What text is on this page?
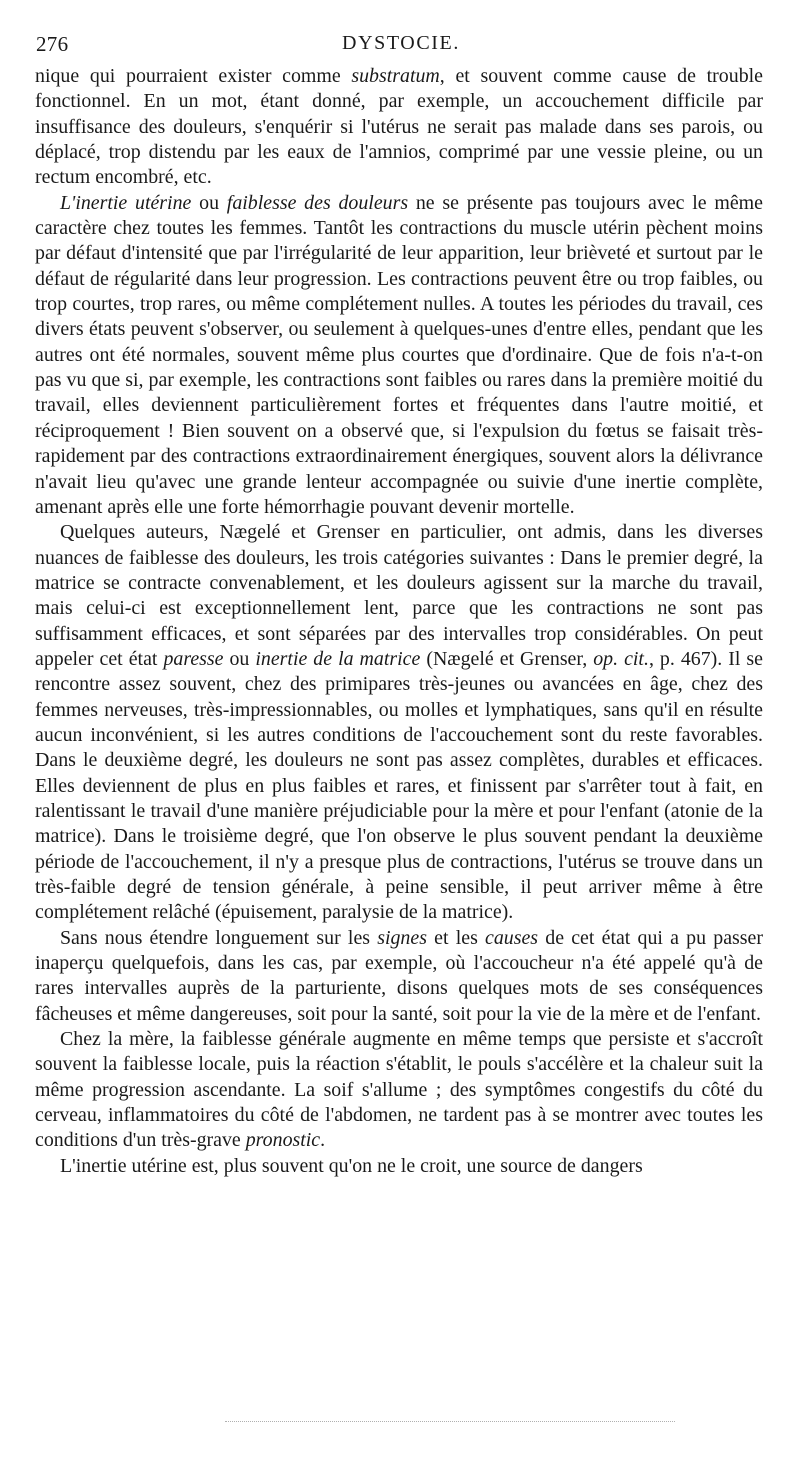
276	DYSTOCIE.

nique qui pourraient exister comme substratum, et souvent comme cause de trouble fonctionnel. En un mot, étant donné, par exemple, un accouchement difficile par insuffisance des douleurs, s'enquérir si l'utérus ne serait pas malade dans ses parois, ou déplacé, trop distendu par les eaux de l'amnios, comprimé par une vessie pleine, ou un rectum encombré, etc.

L'inertie utérine ou faiblesse des douleurs ne se présente pas toujours avec le même caractère chez toutes les femmes. Tantôt les contractions du muscle utérin pèchent moins par défaut d'intensité que par l'irrégularité de leur apparition, leur brièveté et surtout par le défaut de régularité dans leur progression. Les contractions peuvent être ou trop faibles, ou trop courtes, trop rares, ou même complétement nulles. A toutes les périodes du travail, ces divers états peuvent s'observer, ou seulement à quelques-unes d'entre elles, pendant que les autres ont été normales, souvent même plus courtes que d'ordinaire. Que de fois n'a-t-on pas vu que si, par exemple, les contractions sont faibles ou rares dans la première moitié du travail, elles deviennent particulièrement fortes et fréquentes dans l'autre moitié, et réciproquement ! Bien souvent on a observé que, si l'expulsion du fœtus se faisait très-rapidement par des contractions extraordinairement énergiques, souvent alors la délivrance n'avait lieu qu'avec une grande lenteur accompagnée ou suivie d'une inertie complète, amenant après elle une forte hémorrhagie pouvant devenir mortelle.

Quelques auteurs, Nægelé et Grenser en particulier, ont admis, dans les diverses nuances de faiblesse des douleurs, les trois catégories suivantes : Dans le premier degré, la matrice se contracte convenablement, et les douleurs agissent sur la marche du travail, mais celui-ci est exceptionnellement lent, parce que les contractions ne sont pas suffisamment efficaces, et sont séparées par des intervalles trop considérables. On peut appeler cet état paresse ou inertie de la matrice (Nægelé et Grenser, op. cit., p. 467). Il se rencontre assez souvent, chez des primipares très-jeunes ou avancées en âge, chez des femmes nerveuses, très-impressionnables, ou molles et lymphatiques, sans qu'il en résulte aucun inconvénient, si les autres conditions de l'accouchement sont du reste favorables. Dans le deuxième degré, les douleurs ne sont pas assez complètes, durables et efficaces. Elles deviennent de plus en plus faibles et rares, et finissent par s'arrêter tout à fait, en ralentissant le travail d'une manière préjudiciable pour la mère et pour l'enfant (atonie de la matrice). Dans le troisième degré, que l'on observe le plus souvent pendant la deuxième période de l'accouchement, il n'y a presque plus de contractions, l'utérus se trouve dans un très-faible degré de tension générale, à peine sensible, il peut arriver même à être complétement relâché (épuisement, paralysie de la matrice).

Sans nous étendre longuement sur les signes et les causes de cet état qui a pu passer inaperçu quelquefois, dans les cas, par exemple, où l'accoucheur n'a été appelé qu'à de rares intervalles auprès de la parturiente, disons quelques mots de ses conséquences fâcheuses et même dangereuses, soit pour la santé, soit pour la vie de la mère et de l'enfant.

Chez la mère, la faiblesse générale augmente en même temps que persiste et s'accroît souvent la faiblesse locale, puis la réaction s'établit, le pouls s'accélère et la chaleur suit la même progression ascendante. La soif s'allume ; des symptômes congestifs du côté du cerveau, inflammatoires du côté de l'abdomen, ne tardent pas à se montrer avec toutes les conditions d'un très-grave pronostic.

L'inertie utérine est, plus souvent qu'on ne le croit, une source de dangers
